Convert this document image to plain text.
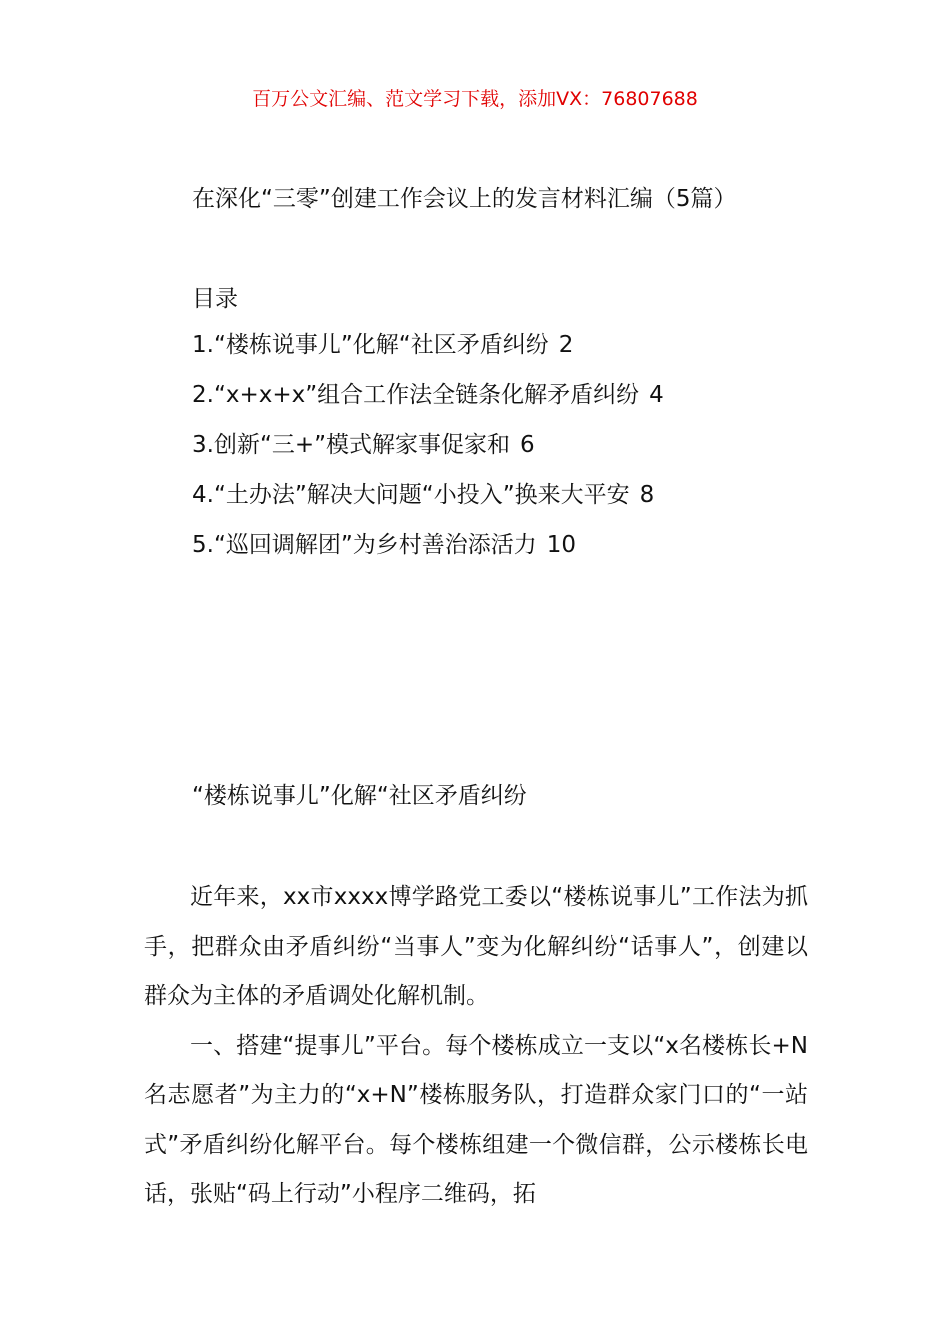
百万公文汇编、范文学习下载，添加VX：76807688
在深化“三零”创建工作会议上的发言材料汇编（5篇）
目录
1.“楼栋说事儿”化解“社区矛盾纠纷 2
2.“x+x+x”组合工作法全链条化解矛盾纠纷 4
3.创新“三+”模式解家事促家和 6
4.“土办法”解决大问题“小投入”换来大平安 8
5.“巡回调解团”为乡村善治添活力 10
“楼栋说事儿”化解“社区矛盾纠纷

近年来，xx市xxxx博学路党工委以“楼栋说事儿”工作法为抓手，把群众由矛盾纠纷“当事人”变为化解纠纷“话事人”，创建以群众为主体的矛盾调处化解机制。

一、搭建“提事儿”平台。每个楼栋成立一支以“x名楼栋长+N名志愿者”为主力的“x+N”楼栋服务队，打造群众家门口的“一站式”矛盾纠纷化解平台。每个楼栋组建一个微信群，公示楼栋长电话，张贴“码上行动”小程序二维码，拓
